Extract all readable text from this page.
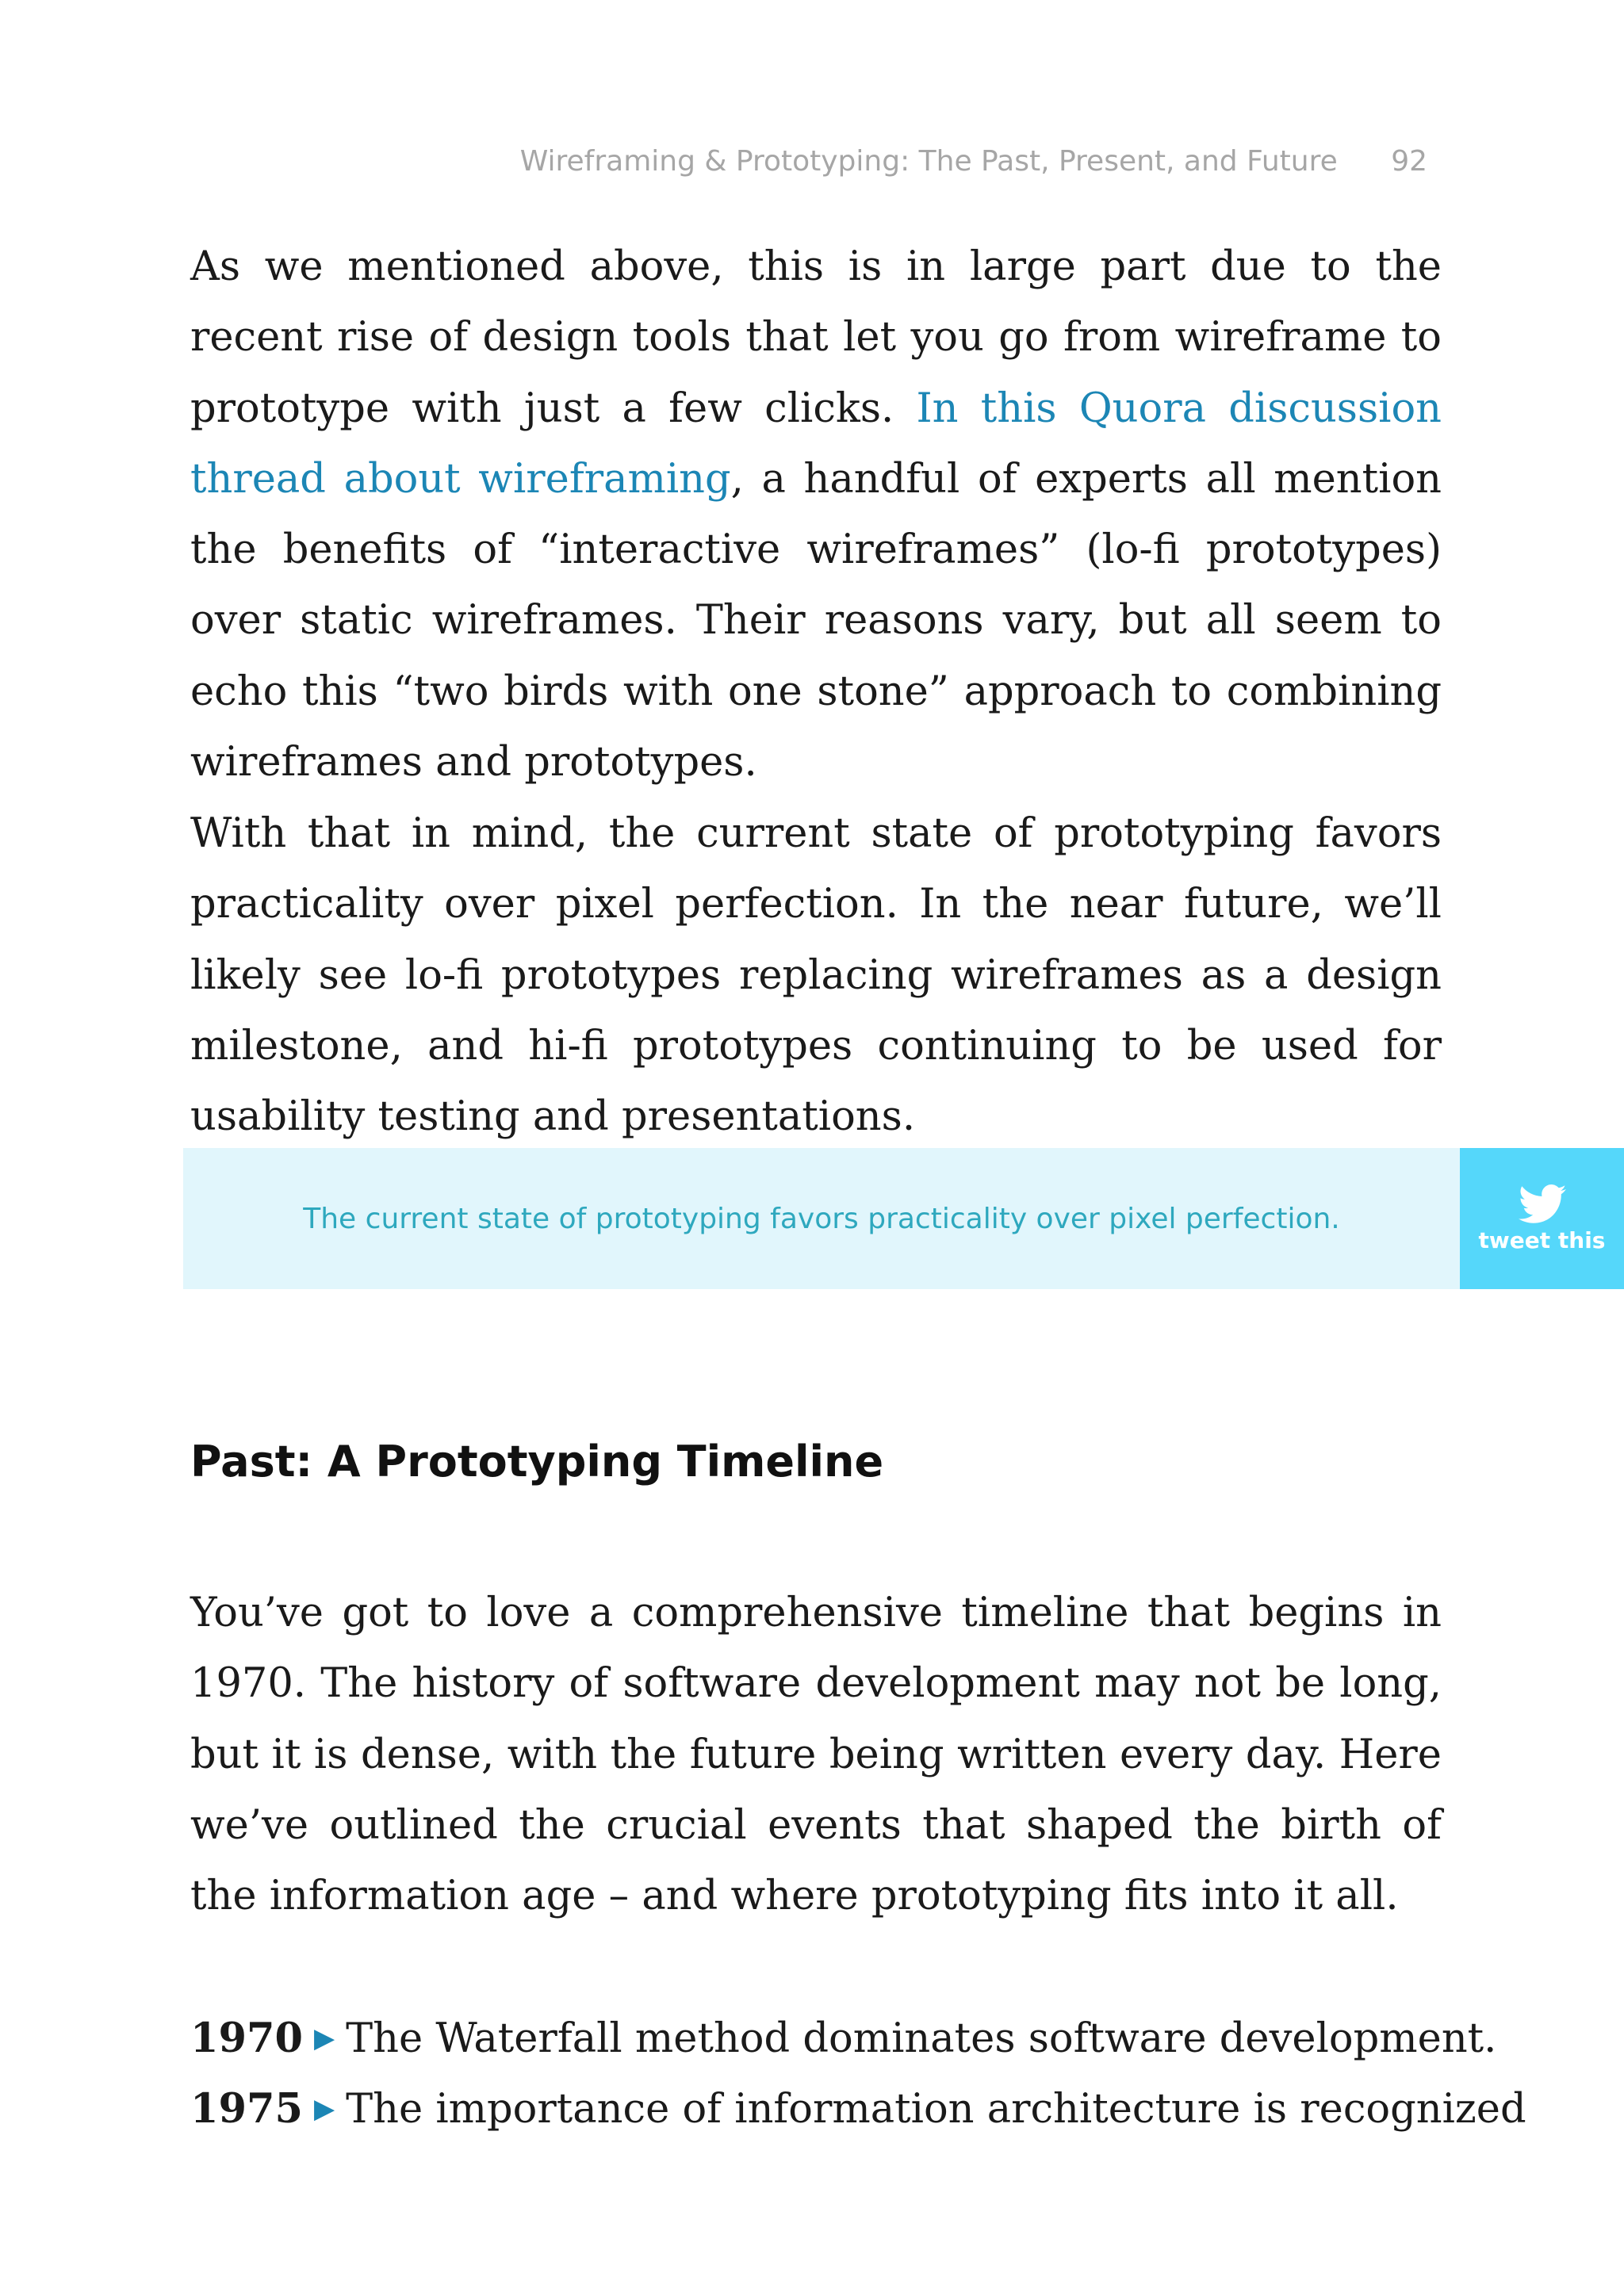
Wireframing & Prototyping: The Past, Present, and Future 92

As we mentioned above, this is in large part due to the recent rise of design tools that let you go from wireframe to prototype with just a few clicks. In this Quora discussion thread about wireframing, a handful of experts all mention the benefits of “interactive wireframes” (lo-fi prototypes) over static wireframes. Their reasons vary, but all seem to echo this “two birds with one stone” approach to combining wireframes and prototypes.

With that in mind, the current state of prototyping favors practicality over pixel perfection. In the near future, we’ll likely see lo-fi prototypes replacing wireframes as a design milestone, and hi-fi prototypes continuing to be used for usability testing and presentations.

The current state of prototyping favors practicality over pixel perfection.
tweet this
Past: A Prototyping Timeline

You’ve got to love a comprehensive timeline that begins in 1970. The history of software development may not be long, but it is dense, with the future being written every day. Here we’ve outlined the crucial events that shaped the birth of the information age – and where prototyping fits into it all.

1970 ▶ The Waterfall method dominates software development.
1975 ▶ The importance of information architecture is recognized
